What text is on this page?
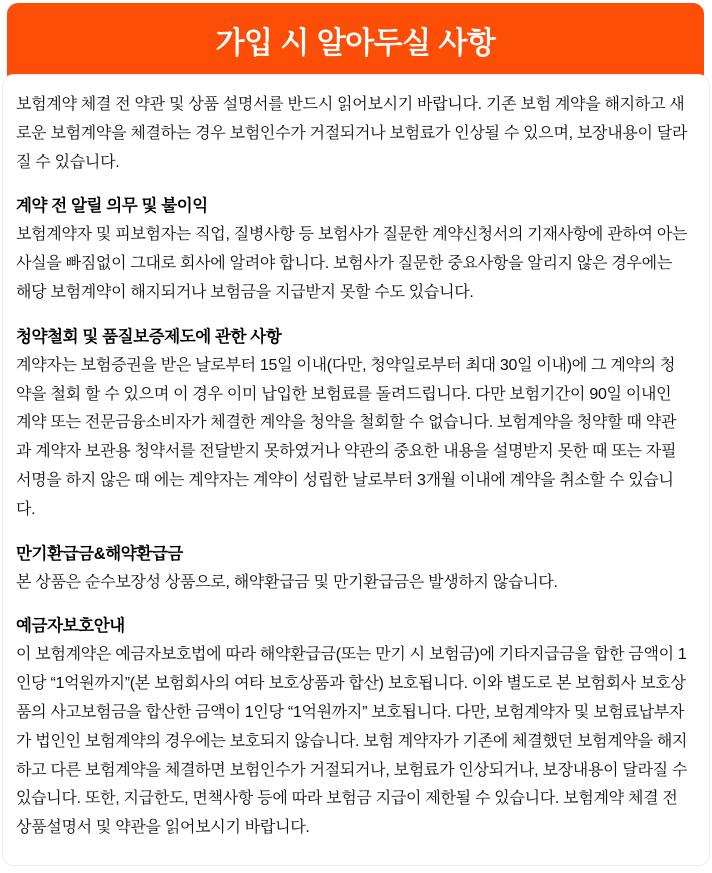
가입 시 알아두실 사항

보험계약 체결 전 약관 및 상품 설명서를 반드시 읽어보시기 바랍니다. 기존 보험 계약을 해지하고 새로운 보험계약을 체결하는 경우 보험인수가 거절되거나 보험료가 인상될 수 있으며, 보장내용이 달라질 수 있습니다.

계약 전 알릴 의무 및 불이익

보험계약자 및 피보험자는 직업, 질병사항 등 보험사가 질문한 계약신청서의 기재사항에 관하여 아는 사실을 빠짐없이 그대로 회사에 알려야 합니다. 보험사가 질문한 중요사항을 알리지 않은 경우에는 해당 보험계약이 해지되거나 보험금을 지급받지 못할 수도 있습니다.

청약철회 및 품질보증제도에 관한 사항

계약자는 보험증권을 받은 날로부터 15일 이내(다만, 청약일로부터 최대 30일 이내)에 그 계약의 청약을 철회 할 수 있으며 이 경우 이미 납입한 보험료를 돌려드립니다. 다만 보험기간이 90일 이내인 계약 또는 전문금융소비자가 체결한 계약을 청약을 철회할 수 없습니다. 보험계약을 청약할 때 약관과 계약자 보관용 청약서를 전달받지 못하였거나 약관의 중요한 내용을 설명받지 못한 때 또는 자필서명을 하지 않은 때 에는 계약자는 계약이 성립한 날로부터 3개월 이내에 계약을 취소할 수 있습니다.

만기환급금&해약환급금

본 상품은 순수보장성 상품으로, 해약환급금 및 만기환급금은 발생하지 않습니다.

예금자보호안내

이 보험계약은 예금자보호법에 따라 해약환급금(또는 만기 시 보험금)에 기타지급금을 합한 금액이 1인당 “1억원까지”(본 보험회사의 여타 보호상품과 합산) 보호됩니다. 이와 별도로 본 보험회사 보호상품의 사고보험금을 합산한 금액이 1인당 “1억원까지” 보호됩니다. 다만, 보험계약자 및 보험료납부자가 법인인 보험계약의 경우에는 보호되지 않습니다. 보험 계약자가 기존에 체결했던 보험계약을 해지하고 다른 보험계약을 체결하면 보험인수가 거절되거나, 보험료가 인상되거나, 보장내용이 달라질 수 있습니다. 또한, 지급한도, 면책사항 등에 따라 보험금 지급이 제한될 수 있습니다. 보험계약 체결 전 상품설명서 및 약관을 읽어보시기 바랍니다.
